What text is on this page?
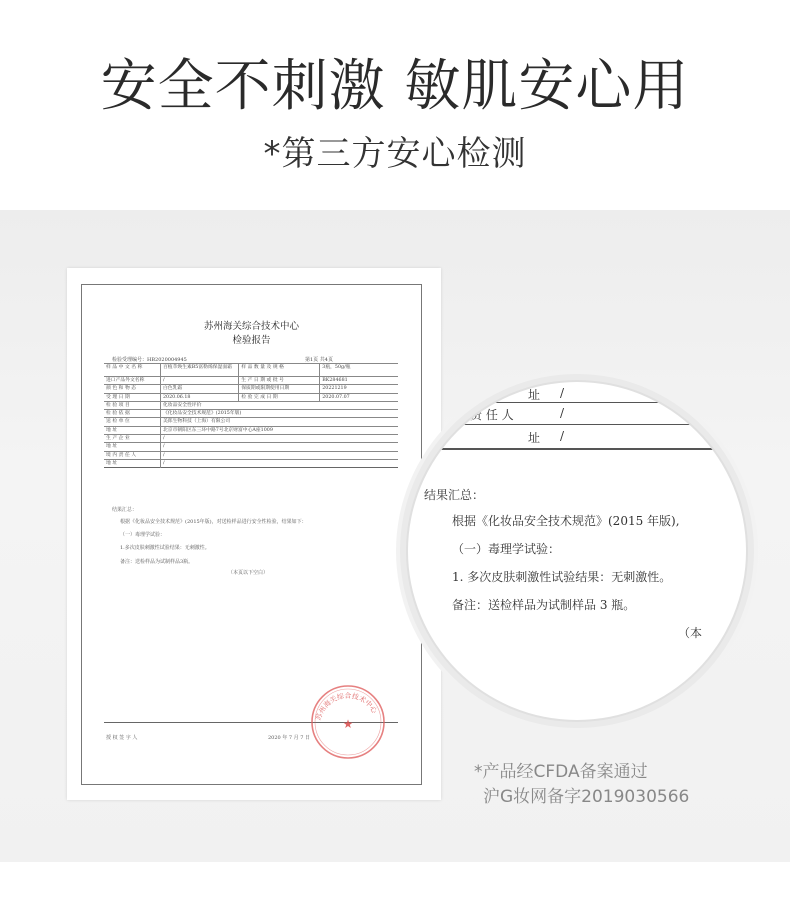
安全不刺激 敏肌安心用
*第三方安心检测
苏州海关综合技术中心
检验报告
检验受理编号：HB2020004945	第1页 共4页
样 品 中 文 名 称	百植萃焕生素B5富勒烯保湿面霜	样 品 数 量 及 规 格	3瓶，50g/瓶
进口产品外文名称	/	生 产 日 期 或 批 号	BK284681
颜 色 和 物 态	白色乳霜	保质期或限期使用日期	20221219
受 理 日 期	2020.06.18	检 验 完 成 日 期	2020.07.07
检 验 项 目	化妆品安全性评价		
检 验 依 据	《化妆品安全技术规范》(2015年版)		
送 检 单 位	美郎生物科技（上海）有限公司		
地 址	北京市朝阳区东三环中路7号北京财富中心A座1009		
生 产 企 业	/		
地 址	/		
境 内 责 任 人	/		
地 址	/		
结果汇总：
根据《化妆品安全技术规范》(2015年版)，对送检样品进行安全性检验，结果如下：
（一）毒理学试验：
1.多次皮肤刺激性试验结果：无刺激性。
备注：送检样品为试制样品3瓶。
（本页以下空白）
授 权 签 字 人	2020 年 7 月 7 日
苏州海关综合技术中心
★
址 /
责 任 人	/
址 /
结果汇总：
根据《化妆品安全技术规范》(2015 年版),
（一）毒理学试验：
1. 多次皮肤刺激性试验结果：无刺激性。
备注：送检样品为试制样品 3 瓶。
（本
*产品经CFDA备案通过
沪G妆网备字2019030566
